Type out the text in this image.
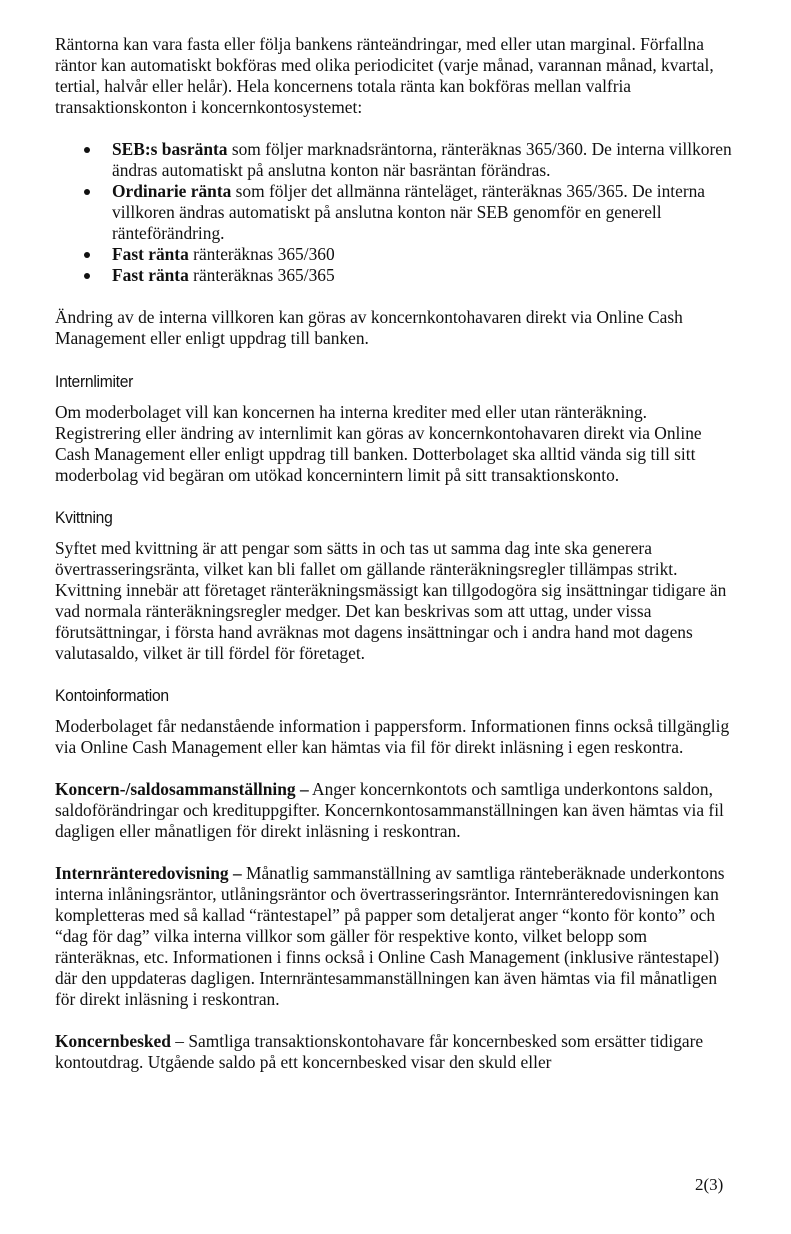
Räntorna kan vara fasta eller följa bankens ränteändringar, med eller utan marginal. Förfallna räntor kan automatiskt bokföras med olika periodicitet (varje månad, varannan månad, kvartal, tertial, halvår eller helår). Hela koncernens totala ränta kan bokföras mellan valfria transaktionskonton i koncernkontosystemet:

SEB:s basränta som följer marknadsräntorna, ränteräknas 365/360. De interna villkoren ändras automatiskt på anslutna konton när basräntan förändras.
Ordinarie ränta som följer det allmänna ränteläget, ränteräknas 365/365. De interna villkoren ändras automatiskt på anslutna konton när SEB genomför en generell ränteförändring.
Fast ränta ränteräknas 365/360
Fast ränta ränteräknas 365/365

Ändring av de interna villkoren kan göras av koncernkontohavaren direkt via Online Cash Management eller enligt uppdrag till banken.

Internlimiter

Om moderbolaget vill kan koncernen ha interna krediter med eller utan ränteräkning. Registrering eller ändring av internlimit kan göras av koncernkontohavaren direkt via Online Cash Management eller enligt uppdrag till banken. Dotterbolaget ska alltid vända sig till sitt moderbolag vid begäran om utökad koncernintern limit på sitt transaktionskonto.

Kvittning

Syftet med kvittning är att pengar som sätts in och tas ut samma dag inte ska generera övertrasseringsränta, vilket kan bli fallet om gällande ränteräkningsregler tillämpas strikt. Kvittning innebär att företaget ränteräkningsmässigt kan tillgodogöra sig insättningar tidigare än vad normala ränteräkningsregler medger. Det kan beskrivas som att uttag, under vissa förutsättningar, i första hand avräknas mot dagens insättningar och i andra hand mot dagens valutasaldo, vilket är till fördel för företaget.

Kontoinformation

Moderbolaget får nedanstående information i pappersform. Informationen finns också tillgänglig via Online Cash Management eller kan hämtas via fil för direkt inläsning i egen reskontra.

Koncern-/saldosammanställning – Anger koncernkontots och samtliga underkontons saldon, saldoförändringar och kredituppgifter. Koncernkontosammanställningen kan även hämtas via fil dagligen eller månatligen för direkt inläsning i reskontran.

Internränteredovisning – Månatlig sammanställning av samtliga ränteberäknade underkontons interna inlåningsräntor, utlåningsräntor och övertrasseringsräntor. Internränteredovisningen kan kompletteras med så kallad “räntestapel” på papper som detaljerat anger “konto för konto” och “dag för dag” vilka interna villkor som gäller för respektive konto, vilket belopp som ränteräknas, etc. Informationen i finns också i Online Cash Management (inklusive räntestapel) där den uppdateras dagligen. Internräntesammanställningen kan även hämtas via fil månatligen för direkt inläsning i reskontran.

Koncernbesked – Samtliga transaktionskontohavare får koncernbesked som ersätter tidigare kontoutdrag. Utgående saldo på ett koncernbesked visar den skuld eller

2(3)
